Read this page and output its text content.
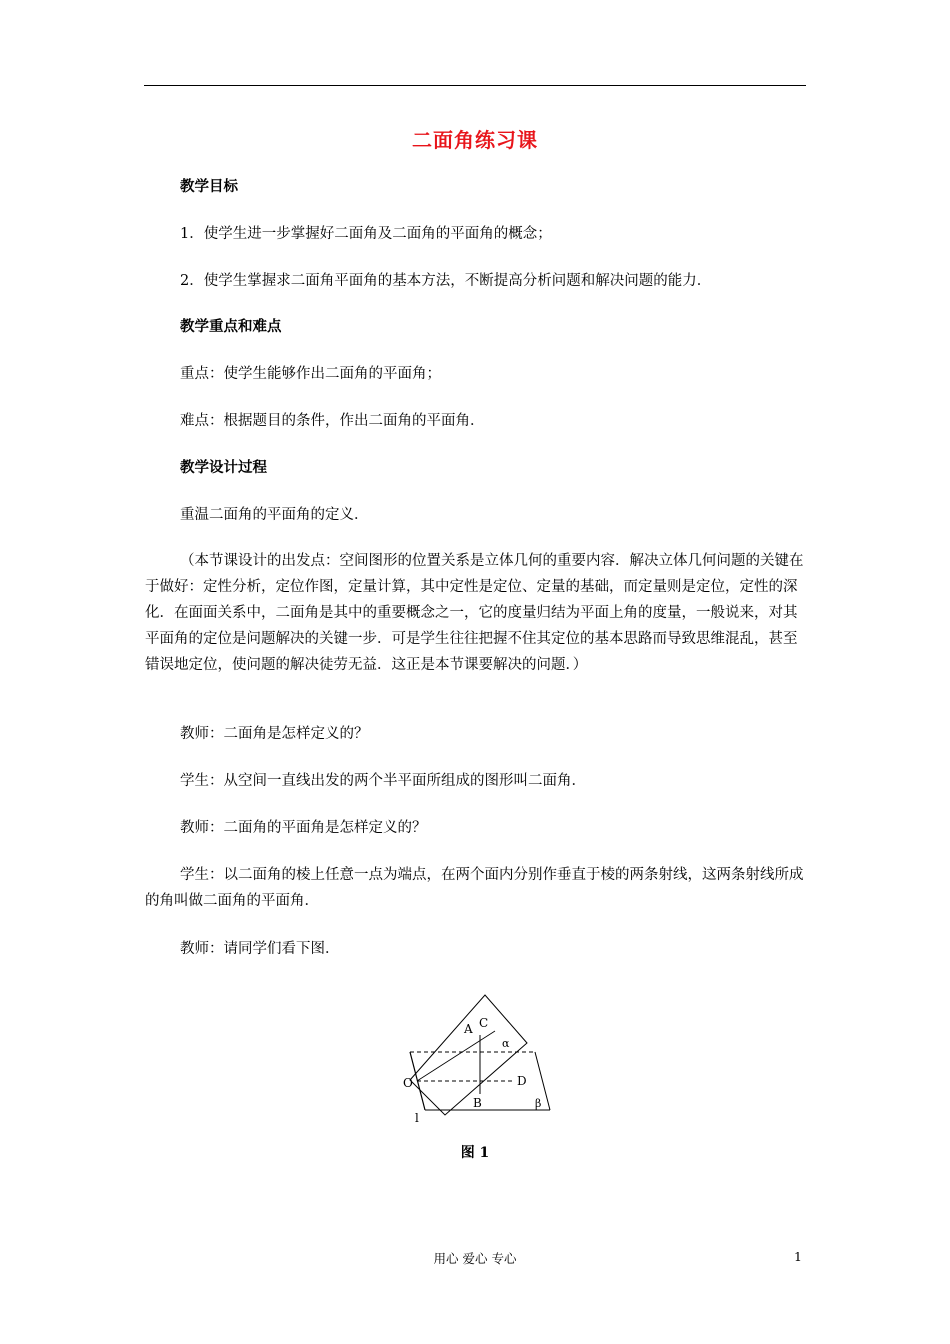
二面角练习课
教学目标
1．使学生进一步掌握好二面角及二面角的平面角的概念；
2．使学生掌握求二面角平面角的基本方法，不断提高分析问题和解决问题的能力．
教学重点和难点
重点：使学生能够作出二面角的平面角；
难点：根据题目的条件，作出二面角的平面角．
教学设计过程
重温二面角的平面角的定义．
（本节课设计的出发点：空间图形的位置关系是立体几何的重要内容．解决立体几何问题的关键在于做好：定性分析，定位作图，定量计算，其中定性是定位、定量的基础，而定量则是定位，定性的深化．在面面关系中，二面角是其中的重要概念之一，它的度量归结为平面上角的度量，一般说来，对其平面角的定位是问题解决的关键一步．可是学生往往把握不住其定位的基本思路而导致思维混乱，甚至错误地定位，使问题的解决徒劳无益．这正是本节课要解决的问题．）
教师：二面角是怎样定义的？
学生：从空间一直线出发的两个半平面所组成的图形叫二面角．
教师：二面角的平面角是怎样定义的？
学生：以二面角的棱上任意一点为端点，在两个面内分别作垂直于棱的两条射线，这两条射线所成的角叫做二面角的平面角．
教师：请同学们看下图．
A C
α
O
B
D
β
l
图 1
用心 爱心 专心	1
